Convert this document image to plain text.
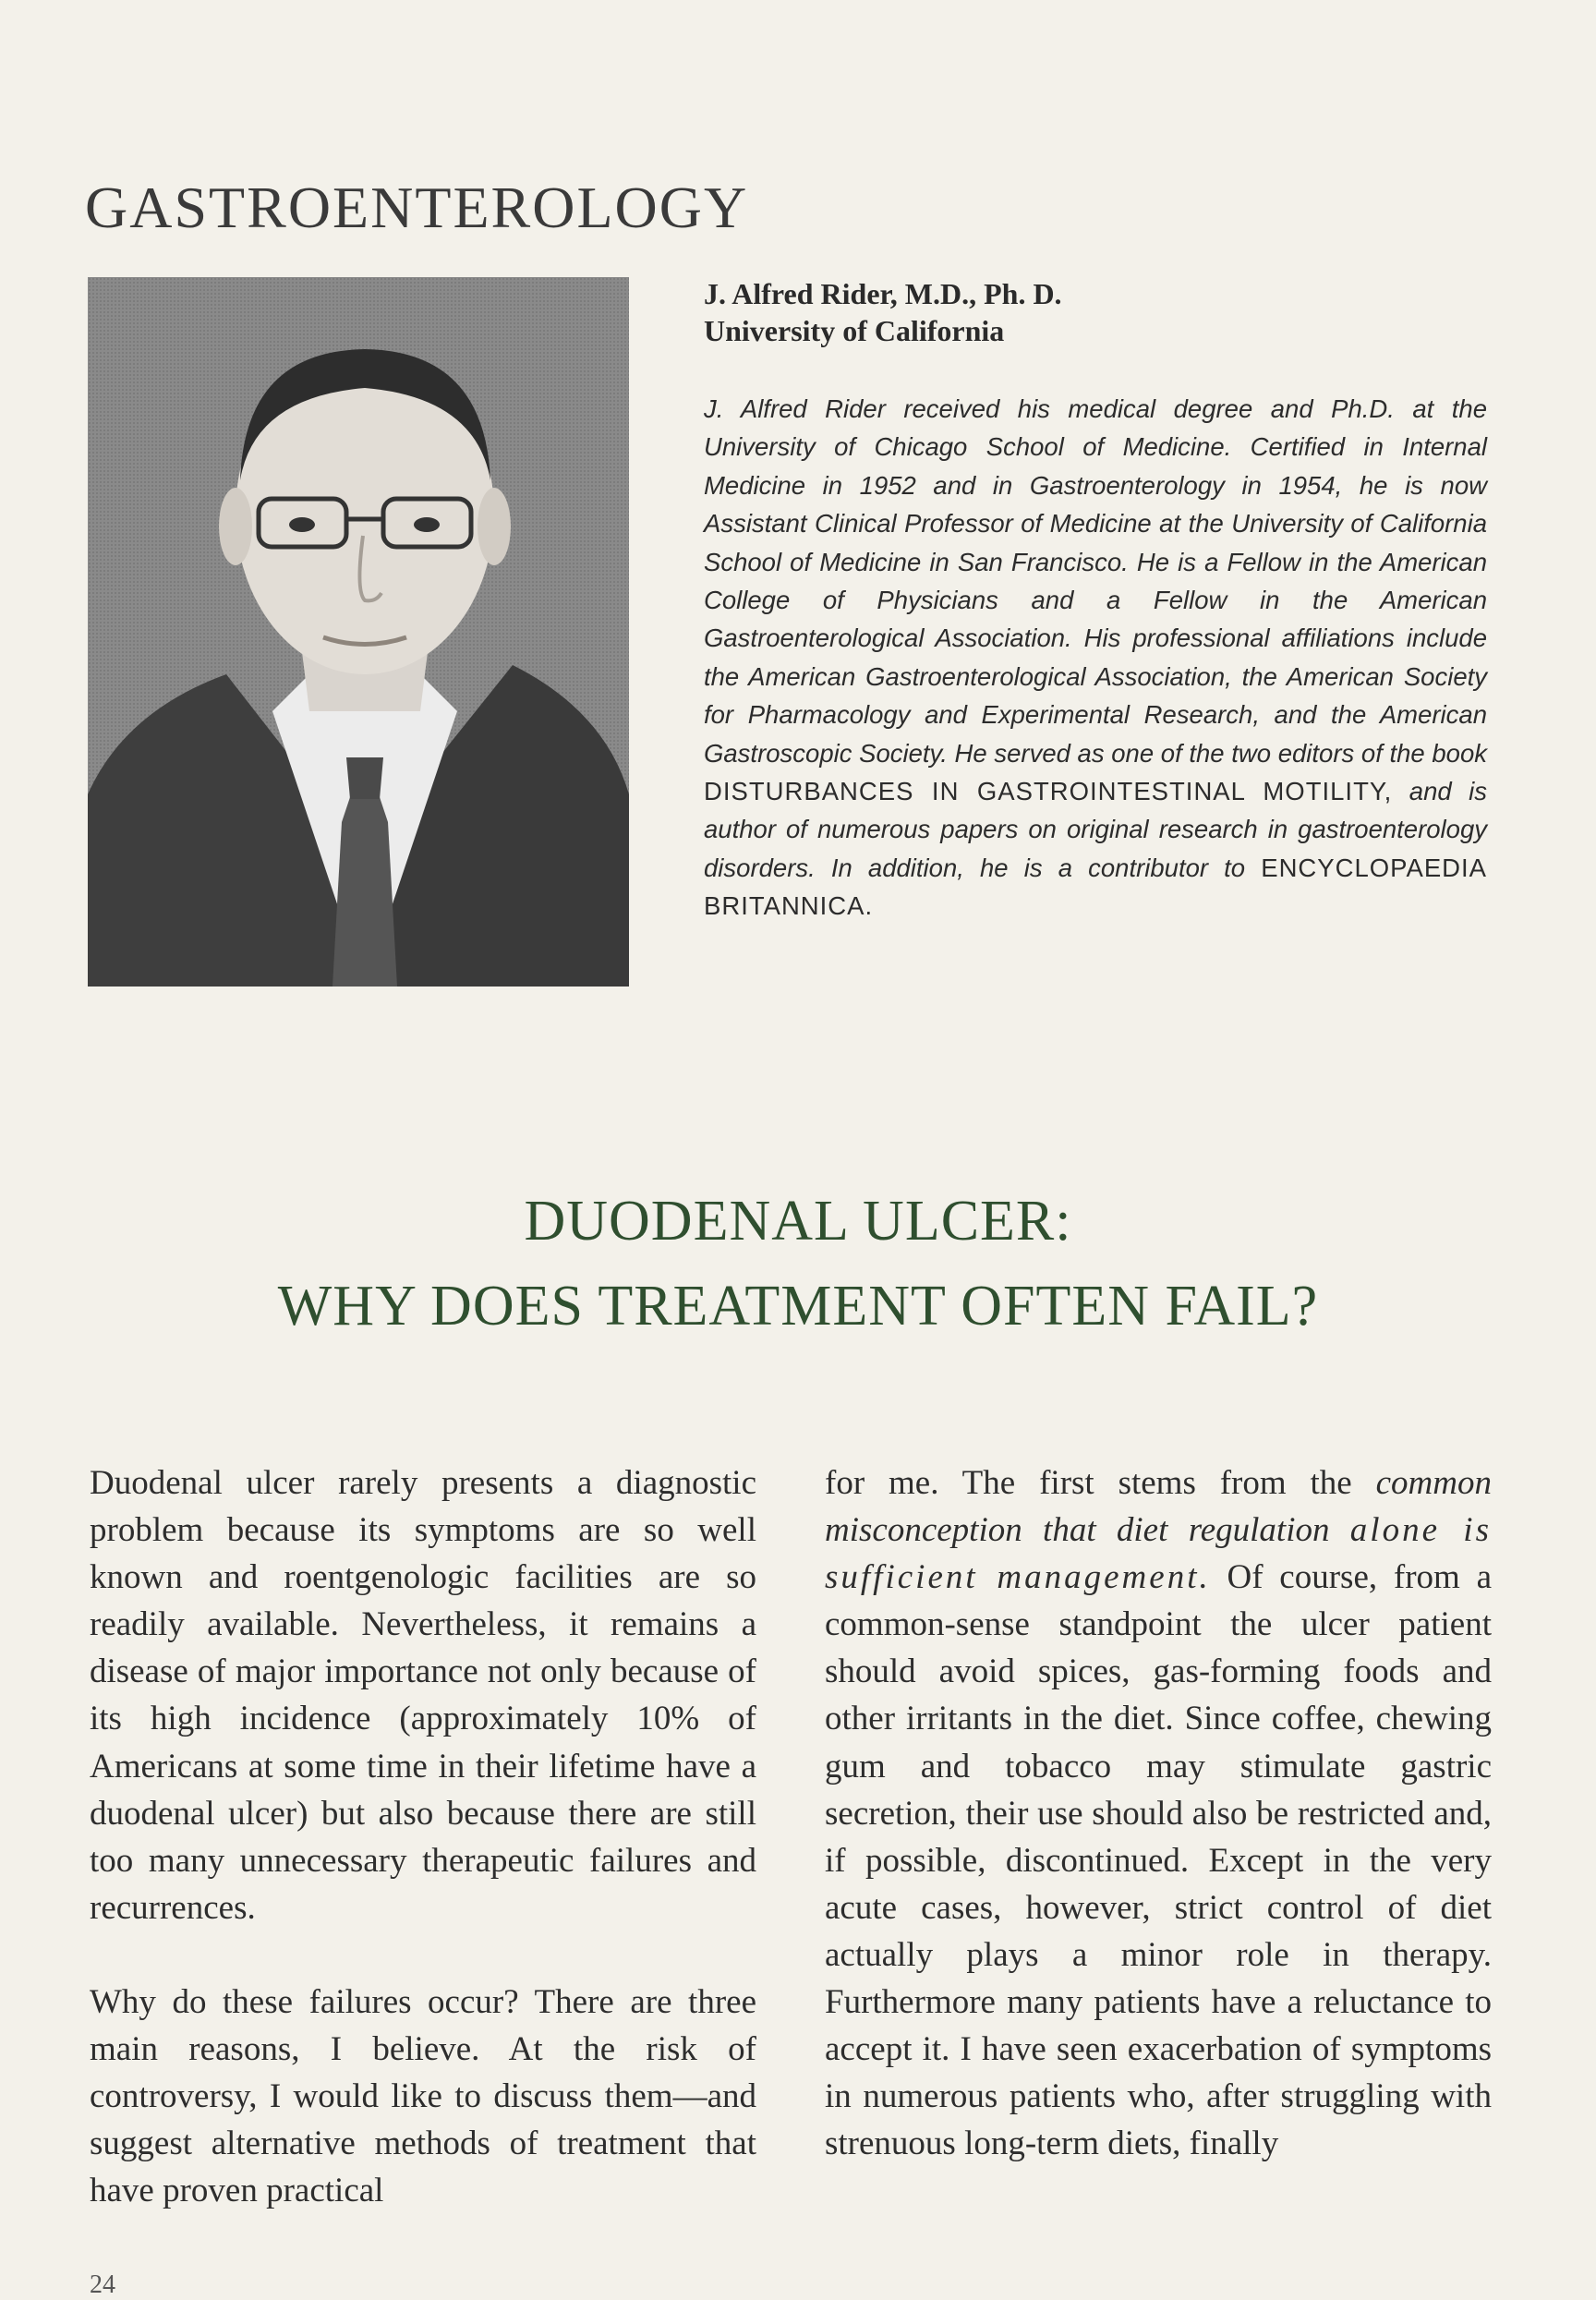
GASTROENTEROLOGY
J. Alfred Rider, M.D., Ph. D.
University of California
J. Alfred Rider received his medical degree and Ph.D. at the University of Chicago School of Medicine. Certified in Internal Medicine in 1952 and in Gastroenterology in 1954, he is now Assistant Clinical Professor of Medicine at the University of California School of Medicine in San Francisco. He is a Fellow in the American College of Physicians and a Fellow in the American Gastroenterological Association. His professional affiliations include the American Gastroenterological Association, the American Society for Pharmacology and Experimental Research, and the American Gastroscopic Society. He served as one of the two editors of the book DISTURBANCES IN GASTROINTESTINAL MOTILITY, and is author of numerous papers on original research in gastroenterology disorders. In addition, he is a contributor to ENCYCLOPAEDIA BRITANNICA.
DUODENAL ULCER:
WHY DOES TREATMENT OFTEN FAIL?

Duodenal ulcer rarely presents a diagnostic problem because its symptoms are so well known and roentgenologic facilities are so readily available. Nevertheless, it remains a disease of major importance not only because of its high incidence (approximately 10% of Americans at some time in their lifetime have a duodenal ulcer) but also because there are still too many unnecessary therapeutic failures and recurrences.

Why do these failures occur? There are three main reasons, I believe. At the risk of controversy, I would like to discuss them—and suggest alternative methods of treatment that have proven practical

for me. The first stems from the common misconception that diet regulation alone is sufficient management. Of course, from a common-sense standpoint the ulcer patient should avoid spices, gas-forming foods and other irritants in the diet. Since coffee, chewing gum and tobacco may stimulate gastric secretion, their use should also be restricted and, if possible, discontinued. Except in the very acute cases, however, strict control of diet actually plays a minor role in therapy. Furthermore many patients have a reluctance to accept it. I have seen exacerbation of symptoms in numerous patients who, after struggling with strenuous long-term diets, finally

24
